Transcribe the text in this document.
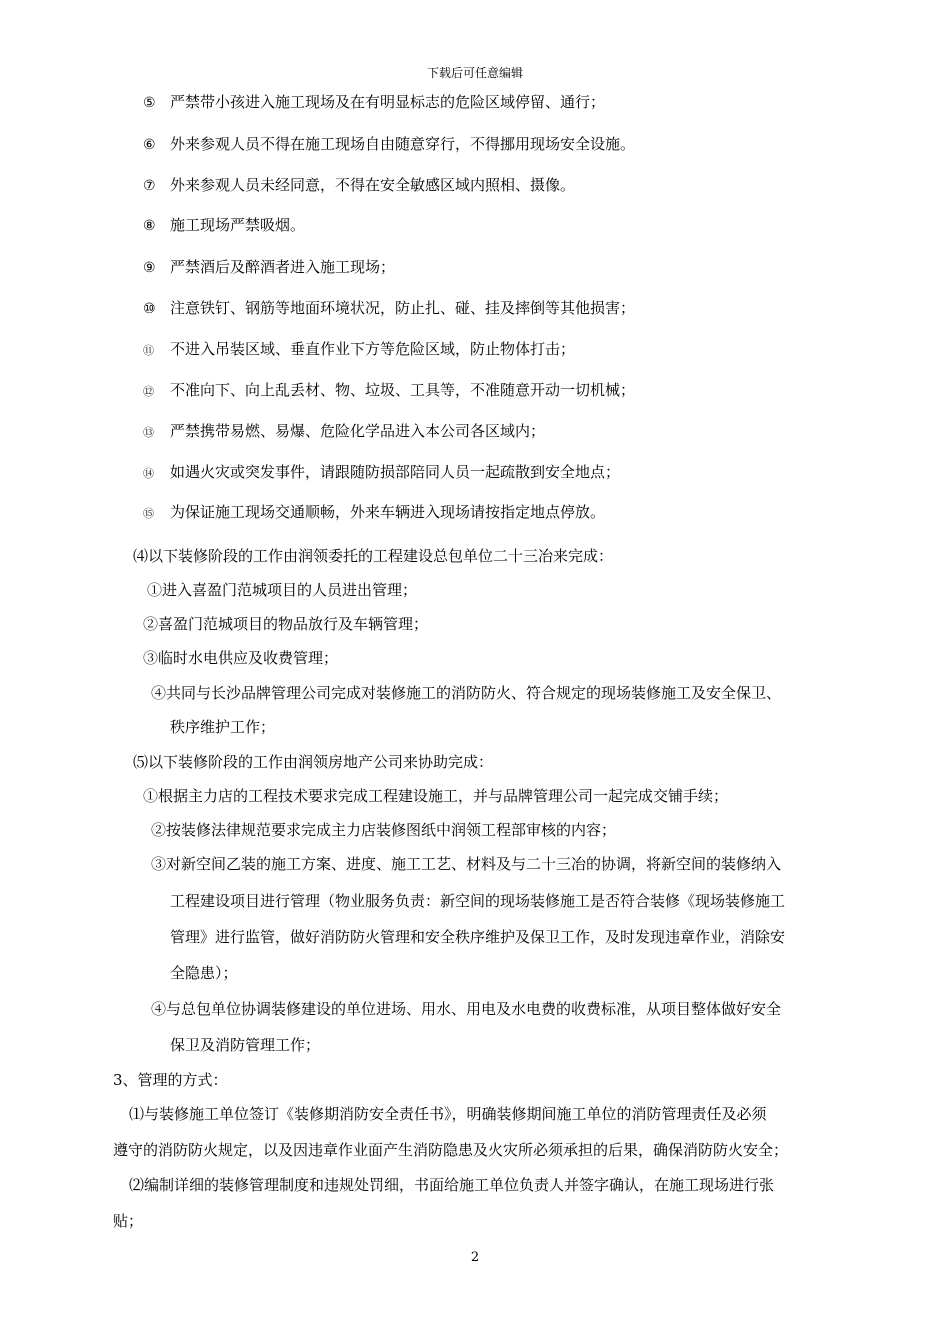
下载后可任意编辑
⑤ 严禁带小孩进入施工现场及在有明显标志的危险区域停留、通行；
⑥ 外来参观人员不得在施工现场自由随意穿行，不得挪用现场安全设施。
⑦ 外来参观人员未经同意，不得在安全敏感区域内照相、摄像。
⑧ 施工现场严禁吸烟。
⑨ 严禁酒后及醉酒者进入施工现场；
⑩ 注意铁钉、钢筋等地面环境状况，防止扎、碰、挂及摔倒等其他损害；
⑪ 不进入吊装区域、垂直作业下方等危险区域，防止物体打击；
⑫ 不准向下、向上乱丢材、物、垃圾、工具等，不准随意开动一切机械；
⑬ 严禁携带易燃、易爆、危险化学品进入本公司各区域内；
⑭ 如遇火灾或突发事件，请跟随防损部陪同人员一起疏散到安全地点；
⑮ 为保证施工现场交通顺畅，外来车辆进入现场请按指定地点停放。
⑷以下装修阶段的工作由润领委托的工程建设总包单位二十三冶来完成：
①进入喜盈门范城项目的人员进出管理；
②喜盈门范城项目的物品放行及车辆管理；
③临时水电供应及收费管理；
④共同与长沙品牌管理公司完成对装修施工的消防防火、符合规定的现场装修施工及安全保卫、
秩序维护工作；
⑸以下装修阶段的工作由润领房地产公司来协助完成：
①根据主力店的工程技术要求完成工程建设施工，并与品牌管理公司一起完成交铺手续；
②按装修法律规范要求完成主力店装修图纸中润领工程部审核的内容；
③对新空间乙装的施工方案、进度、施工工艺、材料及与二十三冶的协调，将新空间的装修纳入
工程建设项目进行管理（物业服务负责：新空间的现场装修施工是否符合装修《现场装修施工
管理》进行监管，做好消防防火管理和安全秩序维护及保卫工作，及时发现违章作业，消除安
全隐患）；
④与总包单位协调装修建设的单位进场、用水、用电及水电费的收费标准，从项目整体做好安全
保卫及消防管理工作；
3、管理的方式：
⑴与装修施工单位签订《装修期消防安全责任书》，明确装修期间施工单位的消防管理责任及必须
遵守的消防防火规定，以及因违章作业面产生消防隐患及火灾所必须承担的后果，确保消防防火安全；
⑵编制详细的装修管理制度和违规处罚细，书面给施工单位负责人并签字确认，在施工现场进行张
贴；
2
